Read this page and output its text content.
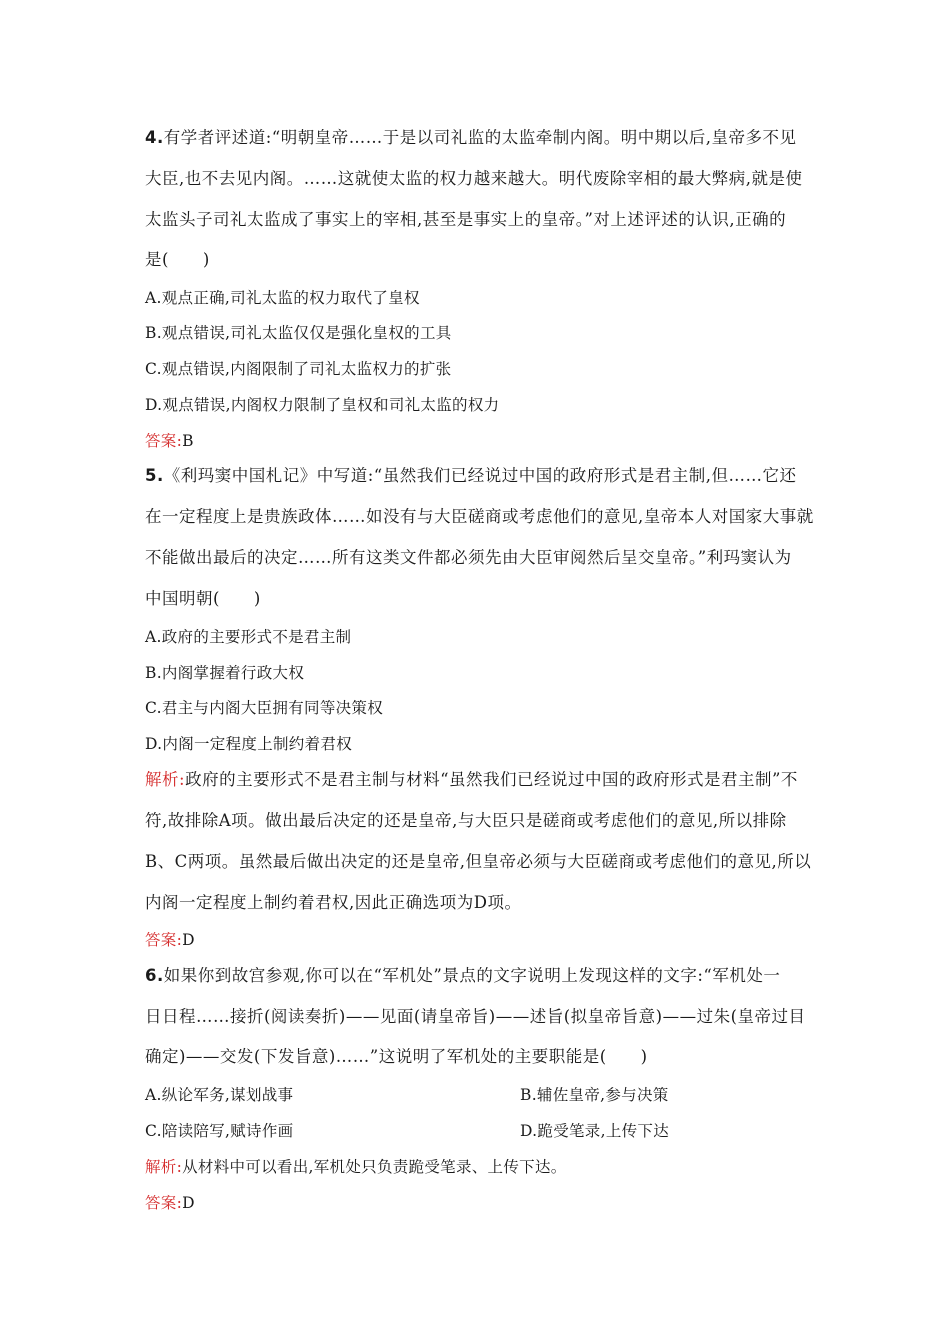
4.有学者评述道:“明朝皇帝……于是以司礼监的太监牵制内阁。明中期以后,皇帝多不见
大臣,也不去见内阁。……这就使太监的权力越来越大。明代废除宰相的最大弊病,就是使
太监头子司礼太监成了事实上的宰相,甚至是事实上的皇帝。”对上述评述的认识,正确的
是(　　)
A.观点正确,司礼太监的权力取代了皇权
B.观点错误,司礼太监仅仅是强化皇权的工具
C.观点错误,内阁限制了司礼太监权力的扩张
D.观点错误,内阁权力限制了皇权和司礼太监的权力
答案:B
5.《利玛窦中国札记》中写道:“虽然我们已经说过中国的政府形式是君主制,但……它还
在一定程度上是贵族政体……如没有与大臣磋商或考虑他们的意见,皇帝本人对国家大事就
不能做出最后的决定……所有这类文件都必须先由大臣审阅然后呈交皇帝。”利玛窦认为
中国明朝(　　)
A.政府的主要形式不是君主制
B.内阁掌握着行政大权
C.君主与内阁大臣拥有同等决策权
D.内阁一定程度上制约着君权
解析:政府的主要形式不是君主制与材料“虽然我们已经说过中国的政府形式是君主制”不
符,故排除A项。做出最后决定的还是皇帝,与大臣只是磋商或考虑他们的意见,所以排除
B、C两项。虽然最后做出决定的还是皇帝,但皇帝必须与大臣磋商或考虑他们的意见,所以
内阁一定程度上制约着君权,因此正确选项为D项。
答案:D
6.如果你到故宫参观,你可以在“军机处”景点的文字说明上发现这样的文字:“军机处一
日日程……接折(阅读奏折)——见面(请皇帝旨)——述旨(拟皇帝旨意)——过朱(皇帝过目
确定)——交发(下发旨意)……”这说明了军机处的主要职能是(　　)
A.纵论军务,谋划战事	B.辅佐皇帝,参与决策
C.陪读陪写,赋诗作画	D.跪受笔录,上传下达
解析:从材料中可以看出,军机处只负责跪受笔录、上传下达。
答案:D
